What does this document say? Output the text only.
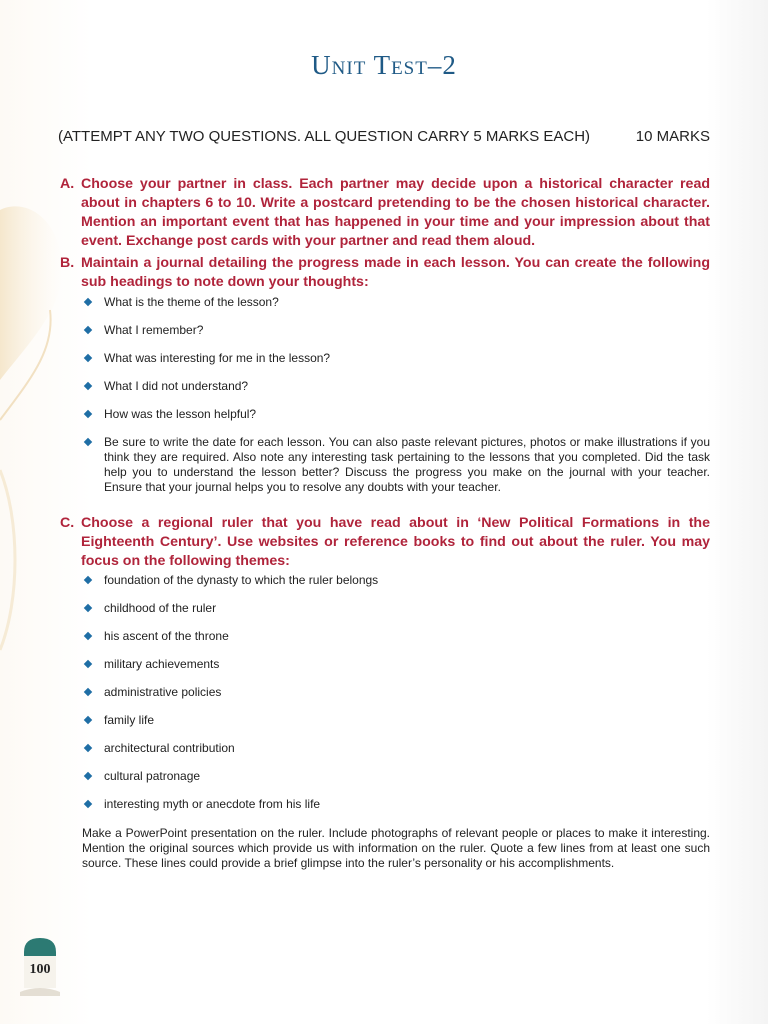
Unit Test–2
(ATTEMPT ANY TWO QUESTIONS. ALL QUESTION CARRY 5 MARKS EACH)	10 MARKS
A. Choose your partner in class. Each partner may decide upon a historical character read about in chapters 6 to 10. Write a postcard pretending to be the chosen historical character. Mention an important event that has happened in your time and your impression about that event. Exchange post cards with your partner and read them aloud.
B. Maintain a journal detailing the progress made in each lesson. You can create the following sub headings to note down your thoughts:
What is the theme of the lesson?
What I remember?
What was interesting for me in the lesson?
What I did not understand?
How was the lesson helpful?
Be sure to write the date for each lesson. You can also paste relevant pictures, photos or make illustrations if you think they are required. Also note any interesting task pertaining to the lessons that you completed. Did the task help you to understand the lesson better? Discuss the progress you make on the journal with your teacher. Ensure that your journal helps you to resolve any doubts with your teacher.
C. Choose a regional ruler that you have read about in ‘New Political Formations in the Eighteenth Century’. Use websites or reference books to find out about the ruler. You may focus on the following themes:
foundation of the dynasty to which the ruler belongs
childhood of the ruler
his ascent of the throne
military achievements
administrative policies
family life
architectural contribution
cultural patronage
interesting myth or anecdote from his life
Make a PowerPoint presentation on the ruler. Include photographs of relevant people or places to make it interesting. Mention the original sources which provide us with information on the ruler. Quote a few lines from at least one such source. These lines could provide a brief glimpse into the ruler’s personality or his accomplishments.
100
